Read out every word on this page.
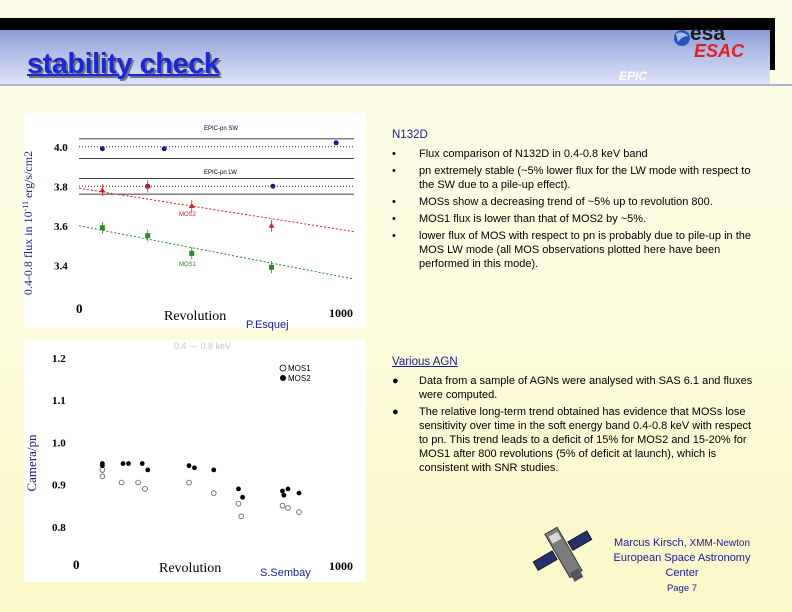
stability check	EPIC
esa
ESAC
3.4
3.6
3.8
4.0
0.4-0.8 flux in $10^{-11}$ erg/s/cm2
0
Revolution	1000
EPIC-pn SW
EPIC-pn LW
MOS2
MOS1
P.Esquej
0.8
0.9
1.0
1.1
1.2
0.4 — 0.8 keV
Camera/pn
0	Revolution	1000
MOS1
MOS2
S.Sembay
N132D
• Flux comparison of N132D in 0.4-0.8 keV band
• pn extremely stable (~5% lower flux for the LW mode with respect to the SW due to a pile-up effect).
• MOSs show a decreasing trend of ~5% up to revolution 800.
• MOS1 flux is lower than that of MOS2 by ~5%.
• lower flux of MOS with respect to pn is probably due to pile-up in the MOS LW mode (all MOS observations plotted here have been performed in this mode).
Various AGN
● Data from a sample of AGNs were analysed with SAS 6.1 and fluxes were computed.
● The relative long-term trend obtained has evidence that MOSs lose sensitivity over time in the soft energy band 0.4-0.8 keV with respect to pn. This trend leads to a deficit of 15% for MOS2 and 15-20% for MOS1 after 800 revolutions (5% of deficit at launch), which is consistent with SNR studies.
Marcus Kirsch, XMM-Newton
European Space Astronomy Center
Page 7
